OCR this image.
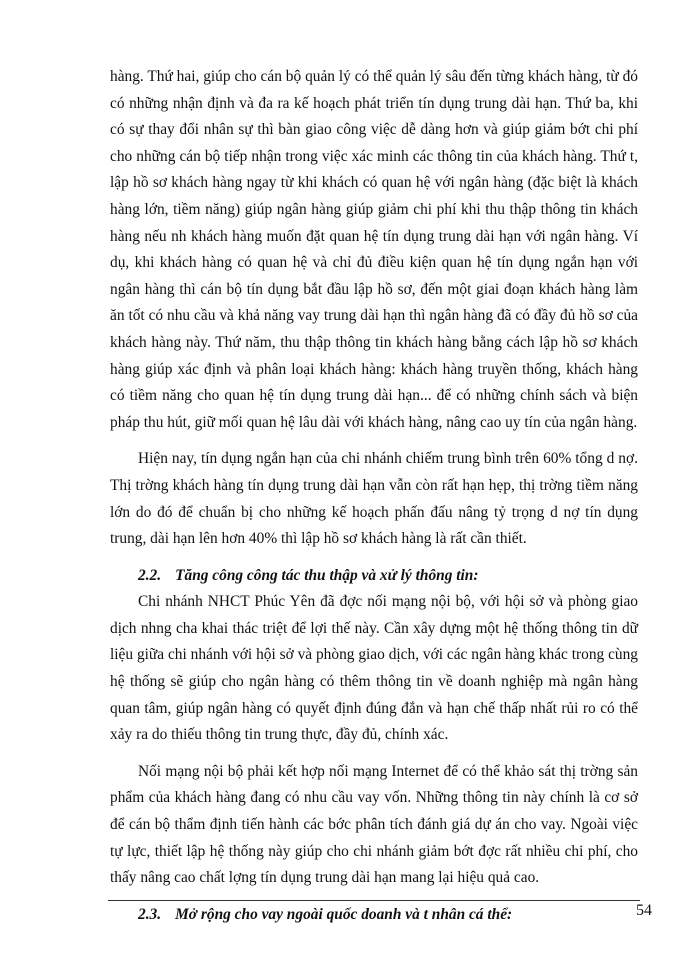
hàng. Thứ hai, giúp cho cán bộ quản lý có thể quản lý sâu đến từng khách hàng, từ đó có những nhận định và đa ra kế hoạch phát triển tín dụng trung dài hạn. Thứ ba, khi có sự thay đổi nhân sự thì bàn giao công việc dễ dàng hơn và giúp giảm bớt chi phí cho những cán bộ tiếp nhận trong việc xác minh các thông tin của khách hàng. Thứ t, lập hồ sơ khách hàng ngay từ khi khách có quan hệ với ngân hàng (đặc biệt là khách hàng lớn, tiềm năng) giúp ngân hàng giúp giảm chi phí khi thu thập thông tin khách hàng nếu nh khách hàng muốn đặt quan hệ tín dụng trung dài hạn với ngân hàng. Ví dụ, khi khách hàng có quan hệ và chỉ đủ điều kiện quan hệ tín dụng ngắn hạn với ngân hàng thì cán bộ tín dụng bắt đầu lập hồ sơ, đến một giai đoạn khách hàng làm ăn tốt có nhu cầu và khả năng vay trung dài hạn thì ngân hàng đã có đầy đủ hồ sơ của khách hàng này. Thứ năm, thu thập thông tin khách hàng bằng cách lập hồ sơ khách hàng giúp xác định và phân loại khách hàng: khách hàng truyền thống, khách hàng có tiềm năng cho quan hệ tín dụng trung dài hạn... để có những chính sách và biện pháp thu hút, giữ mối quan hệ lâu dài với khách hàng, nâng cao uy tín của ngân hàng.

Hiện nay, tín dụng ngắn hạn của chi nhánh chiếm trung bình trên 60% tổng d nợ. Thị trờng khách hàng tín dụng trung dài hạn vẫn còn rất hạn hẹp, thị trờng tiềm năng lớn do đó để chuẩn bị cho những kế hoạch phấn đấu nâng tỷ trọng d nợ tín dụng trung, dài hạn lên hơn 40% thì lập hồ sơ khách hàng là rất cần thiết.

2.2. Tăng công công tác thu thập và xử lý thông tin:

Chi nhánh NHCT Phúc Yên đã đợc nối mạng nội bộ, với hội sở và phòng giao dịch nhng cha khai thác triệt để lợi thế này. Cần xây dựng một hệ thống thông tin dữ liệu giữa chi nhánh với hội sở và phòng giao dịch, với các ngân hàng khác trong cùng hệ thống sẽ giúp cho ngân hàng có thêm thông tin về doanh nghiệp mà ngân hàng quan tâm, giúp ngân hàng có quyết định đúng đắn và hạn chế thấp nhất rủi ro có thể xảy ra do thiếu thông tin trung thực, đầy đủ, chính xác.

Nối mạng nội bộ phải kết hợp nối mạng Internet để có thể khảo sát thị trờng sản phẩm của khách hàng đang có nhu cầu vay vốn. Những thông tin này chính là cơ sở để cán bộ thẩm định tiến hành các bớc phân tích đánh giá dự án cho vay. Ngoài việc tự lực, thiết lập hệ thống này giúp cho chi nhánh giảm bớt đợc rất nhiều chi phí, cho thấy nâng cao chất lợng tín dụng trung dài hạn mang lại hiệu quả cao.

2.3. Mở rộng cho vay ngoài quốc doanh và t nhân cá thể:	54
